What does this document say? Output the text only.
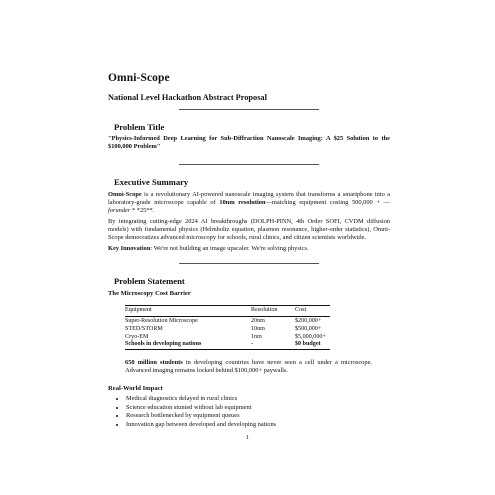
Omni-Scope
National Level Hackathon Abstract Proposal
Problem Title
"Physics-Informed Deep Learning for Sub-Diffraction Nanoscale Imaging: A $25 Solution to the $100,000 Problem"
Executive Summary

Omni-Scope is a revolutionary AI-powered nanoscale imaging system that transforms a smartphone into a laboratory-grade microscope capable of 10nm resolution—matching equipment costing 500,000 + —forunder * *25**.

By integrating cutting-edge 2024 AI breakthroughs (DOLPH-PINN, 4th Order SOFI, CVDM diffusion models) with fundamental physics (Helmholtz equation, plasmon resonance, higher-order statistics), Omni-Scope democratizes advanced microscopy for schools, rural clinics, and citizen scientists worldwide.

Key Innovation: We're not building an image upscaler. We're solving physics.

Problem Statement
The Microscopy Cost Barrier
Equipment	Resolution	Cost
Super-Resolution Microscope	20nm	$200,000+
STED/STORM	10nm	$500,000+
Cryo-EM	1nm	$5,000,000+
Schools in developing nations	-	$0 budget

650 million students in developing countries have never seen a cell under a microscope. Advanced imaging remains locked behind $100,000+ paywalls.

Real-World Impact
• Medical diagnostics delayed in rural clinics
• Science education stunted without lab equipment
• Research bottlenecked by equipment queues
• Innovation gap between developed and developing nations
1
